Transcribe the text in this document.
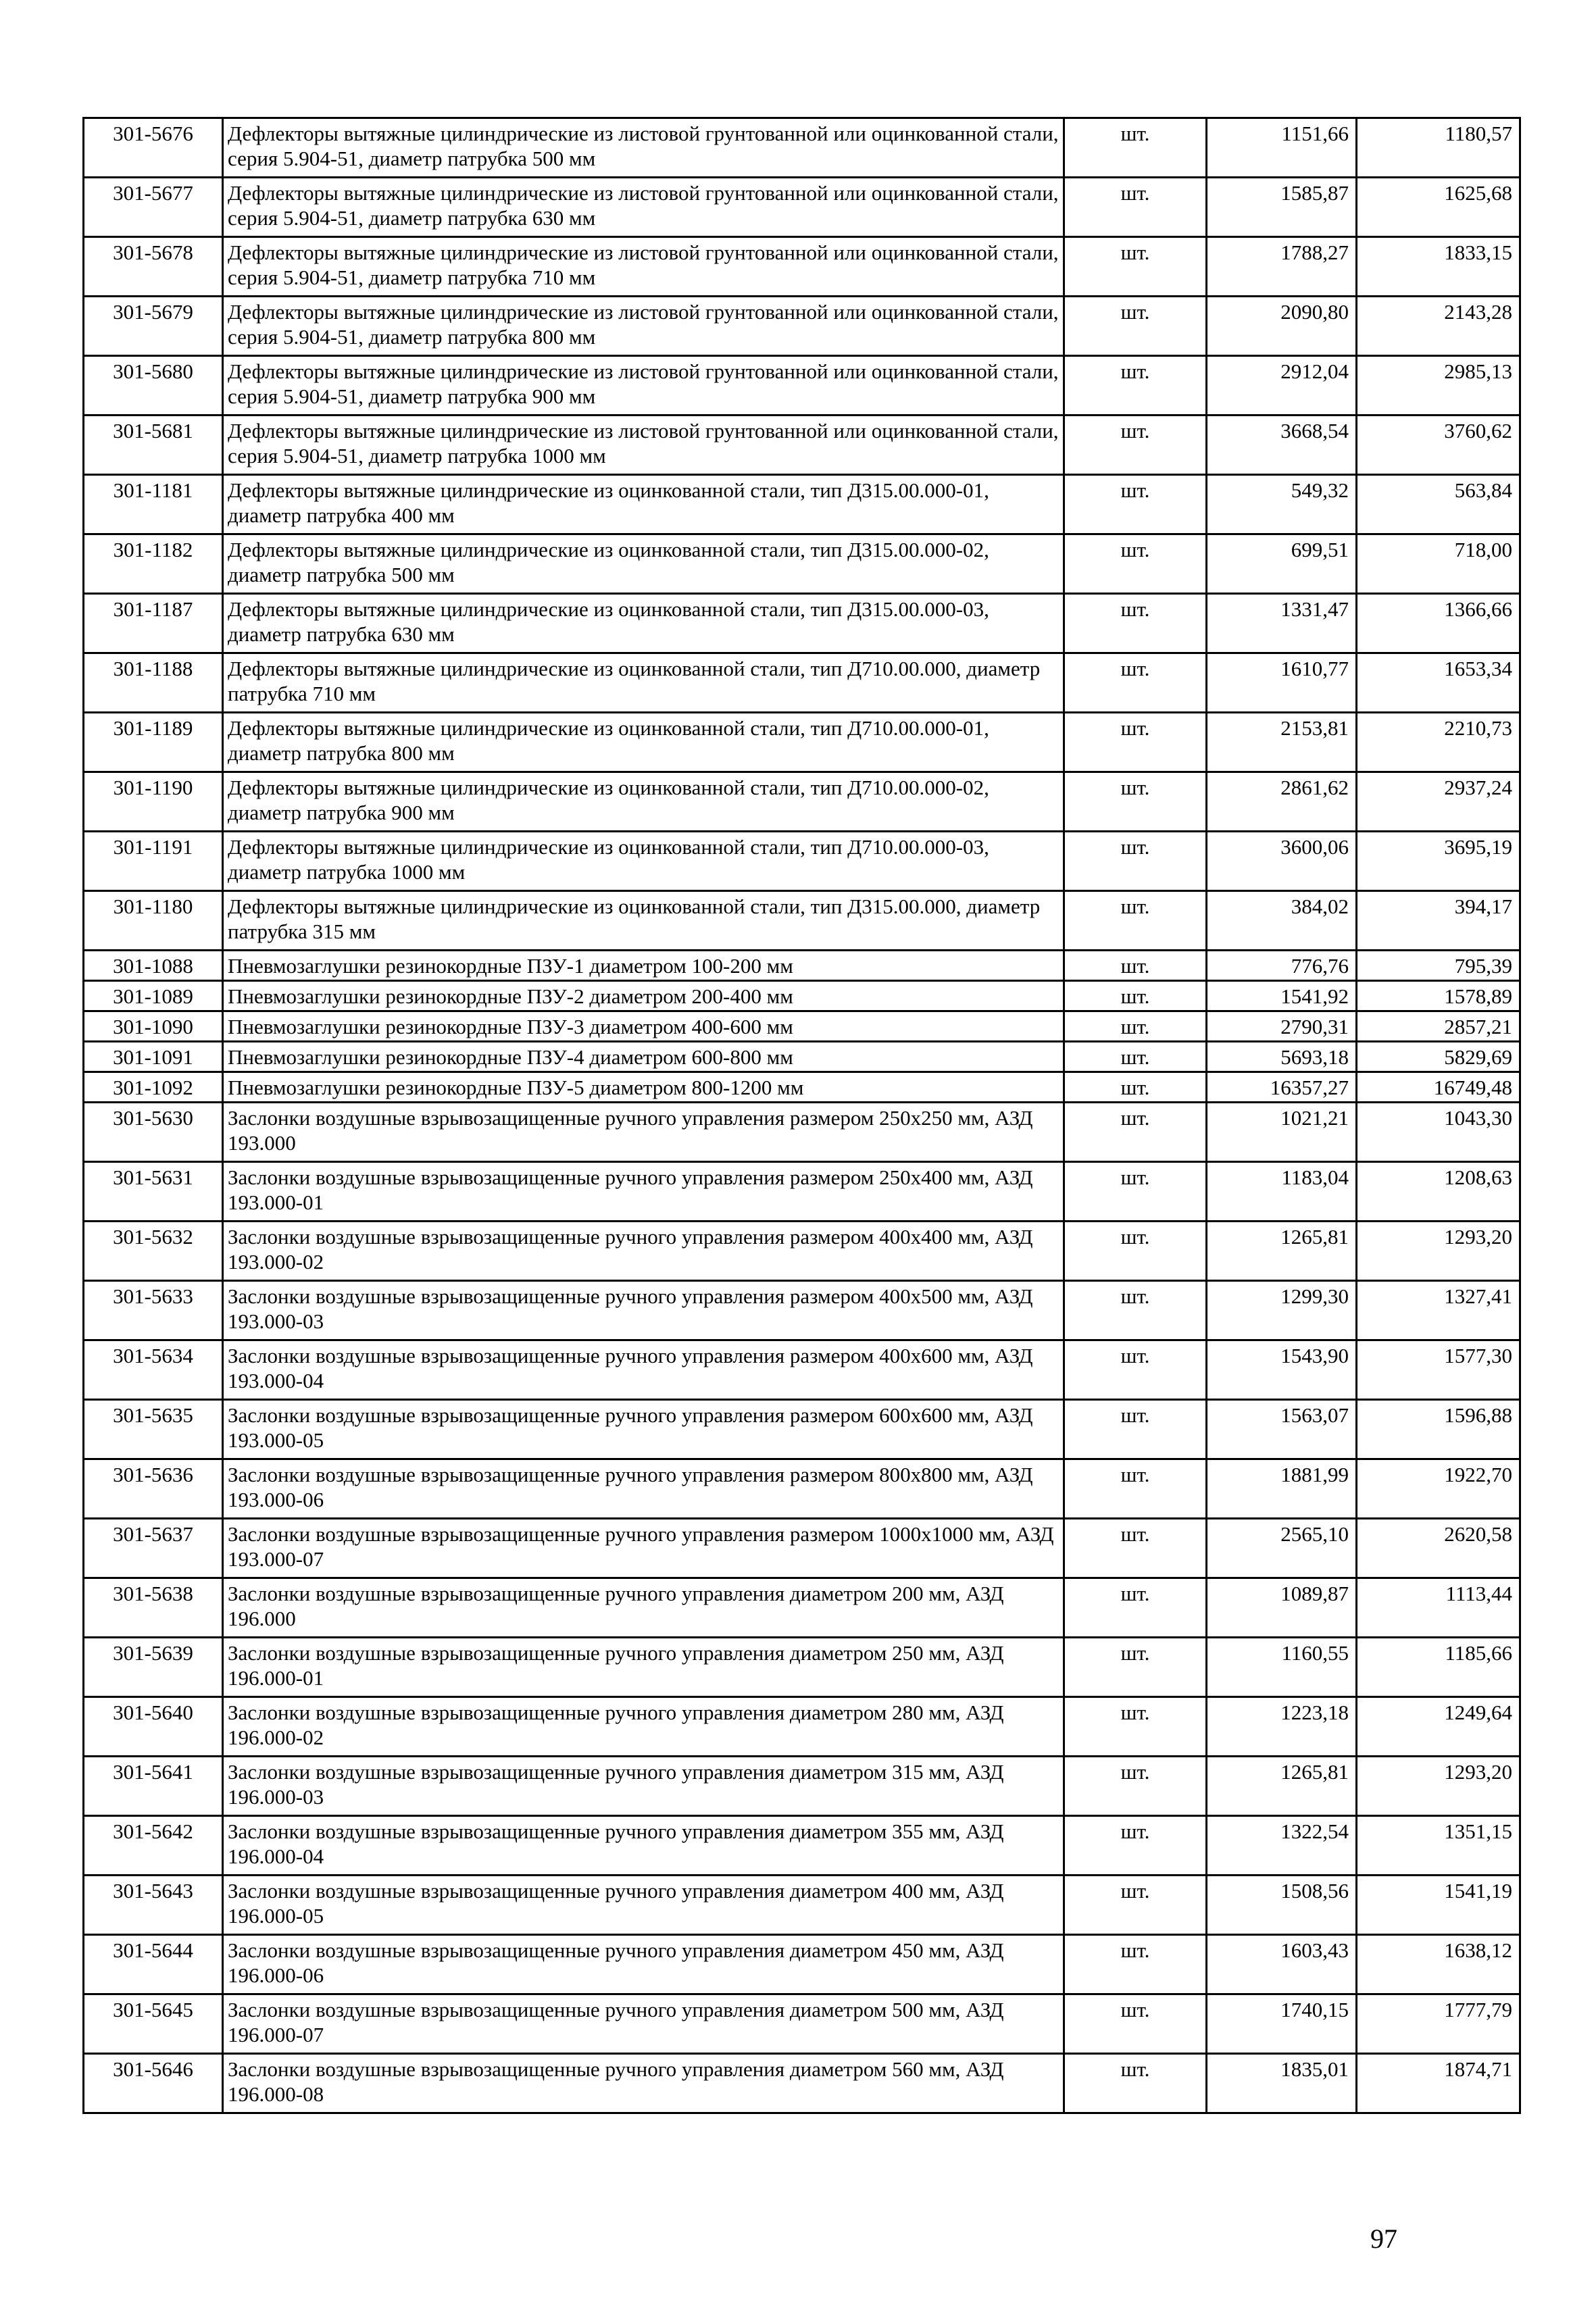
301-5676	Дефлекторы вытяжные цилиндрические из листовой грунтованной или оцинкованной стали, серия 5.904-51, диаметр патрубка 500 мм	шт.	1151,66	1180,57
301-5677	Дефлекторы вытяжные цилиндрические из листовой грунтованной или оцинкованной стали, серия 5.904-51, диаметр патрубка 630 мм	шт.	1585,87	1625,68
301-5678	Дефлекторы вытяжные цилиндрические из листовой грунтованной или оцинкованной стали, серия 5.904-51, диаметр патрубка 710 мм	шт.	1788,27	1833,15
301-5679	Дефлекторы вытяжные цилиндрические из листовой грунтованной или оцинкованной стали, серия 5.904-51, диаметр патрубка 800 мм	шт.	2090,80	2143,28
301-5680	Дефлекторы вытяжные цилиндрические из листовой грунтованной или оцинкованной стали, серия 5.904-51, диаметр патрубка 900 мм	шт.	2912,04	2985,13
301-5681	Дефлекторы вытяжные цилиндрические из листовой грунтованной или оцинкованной стали, серия 5.904-51, диаметр патрубка 1000 мм	шт.	3668,54	3760,62
301-1181	Дефлекторы вытяжные цилиндрические из оцинкованной стали, тип Д315.00.000-01, диаметр патрубка 400 мм	шт.	549,32	563,84
301-1182	Дефлекторы вытяжные цилиндрические из оцинкованной стали, тип Д315.00.000-02, диаметр патрубка 500 мм	шт.	699,51	718,00
301-1187	Дефлекторы вытяжные цилиндрические из оцинкованной стали, тип Д315.00.000-03, диаметр патрубка 630 мм	шт.	1331,47	1366,66
301-1188	Дефлекторы вытяжные цилиндрические из оцинкованной стали, тип Д710.00.000, диаметр патрубка 710 мм	шт.	1610,77	1653,34
301-1189	Дефлекторы вытяжные цилиндрические из оцинкованной стали, тип Д710.00.000-01, диаметр патрубка 800 мм	шт.	2153,81	2210,73
301-1190	Дефлекторы вытяжные цилиндрические из оцинкованной стали, тип Д710.00.000-02, диаметр патрубка 900 мм	шт.	2861,62	2937,24
301-1191	Дефлекторы вытяжные цилиндрические из оцинкованной стали, тип Д710.00.000-03, диаметр патрубка 1000 мм	шт.	3600,06	3695,19
301-1180	Дефлекторы вытяжные цилиндрические из оцинкованной стали, тип Д315.00.000, диаметр патрубка 315 мм	шт.	384,02	394,17
301-1088	Пневмозаглушки резинокордные ПЗУ-1 диаметром 100-200 мм	шт.	776,76	795,39
301-1089	Пневмозаглушки резинокордные ПЗУ-2 диаметром 200-400 мм	шт.	1541,92	1578,89
301-1090	Пневмозаглушки резинокордные ПЗУ-3 диаметром 400-600 мм	шт.	2790,31	2857,21
301-1091	Пневмозаглушки резинокордные ПЗУ-4 диаметром 600-800 мм	шт.	5693,18	5829,69
301-1092	Пневмозаглушки резинокордные ПЗУ-5 диаметром 800-1200 мм	шт.	16357,27	16749,48
301-5630	Заслонки воздушные взрывозащищенные ручного управления размером 250x250 мм, АЗД 193.000	шт.	1021,21	1043,30
301-5631	Заслонки воздушные взрывозащищенные ручного управления размером 250x400 мм, АЗД 193.000-01	шт.	1183,04	1208,63
301-5632	Заслонки воздушные взрывозащищенные ручного управления размером 400x400 мм, АЗД 193.000-02	шт.	1265,81	1293,20
301-5633	Заслонки воздушные взрывозащищенные ручного управления размером 400x500 мм, АЗД 193.000-03	шт.	1299,30	1327,41
301-5634	Заслонки воздушные взрывозащищенные ручного управления размером 400x600 мм, АЗД 193.000-04	шт.	1543,90	1577,30
301-5635	Заслонки воздушные взрывозащищенные ручного управления размером 600x600 мм, АЗД 193.000-05	шт.	1563,07	1596,88
301-5636	Заслонки воздушные взрывозащищенные ручного управления размером 800x800 мм, АЗД 193.000-06	шт.	1881,99	1922,70
301-5637	Заслонки воздушные взрывозащищенные ручного управления размером 1000x1000 мм, АЗД 193.000-07	шт.	2565,10	2620,58
301-5638	Заслонки воздушные взрывозащищенные ручного управления диаметром 200 мм, АЗД 196.000	шт.	1089,87	1113,44
301-5639	Заслонки воздушные взрывозащищенные ручного управления диаметром 250 мм, АЗД 196.000-01	шт.	1160,55	1185,66
301-5640	Заслонки воздушные взрывозащищенные ручного управления диаметром 280 мм, АЗД 196.000-02	шт.	1223,18	1249,64
301-5641	Заслонки воздушные взрывозащищенные ручного управления диаметром 315 мм, АЗД 196.000-03	шт.	1265,81	1293,20
301-5642	Заслонки воздушные взрывозащищенные ручного управления диаметром 355 мм, АЗД 196.000-04	шт.	1322,54	1351,15
301-5643	Заслонки воздушные взрывозащищенные ручного управления диаметром 400 мм, АЗД 196.000-05	шт.	1508,56	1541,19
301-5644	Заслонки воздушные взрывозащищенные ручного управления диаметром 450 мм, АЗД 196.000-06	шт.	1603,43	1638,12
301-5645	Заслонки воздушные взрывозащищенные ручного управления диаметром 500 мм, АЗД 196.000-07	шт.	1740,15	1777,79
301-5646	Заслонки воздушные взрывозащищенные ручного управления диаметром 560 мм, АЗД 196.000-08	шт.	1835,01	1874,71
97
